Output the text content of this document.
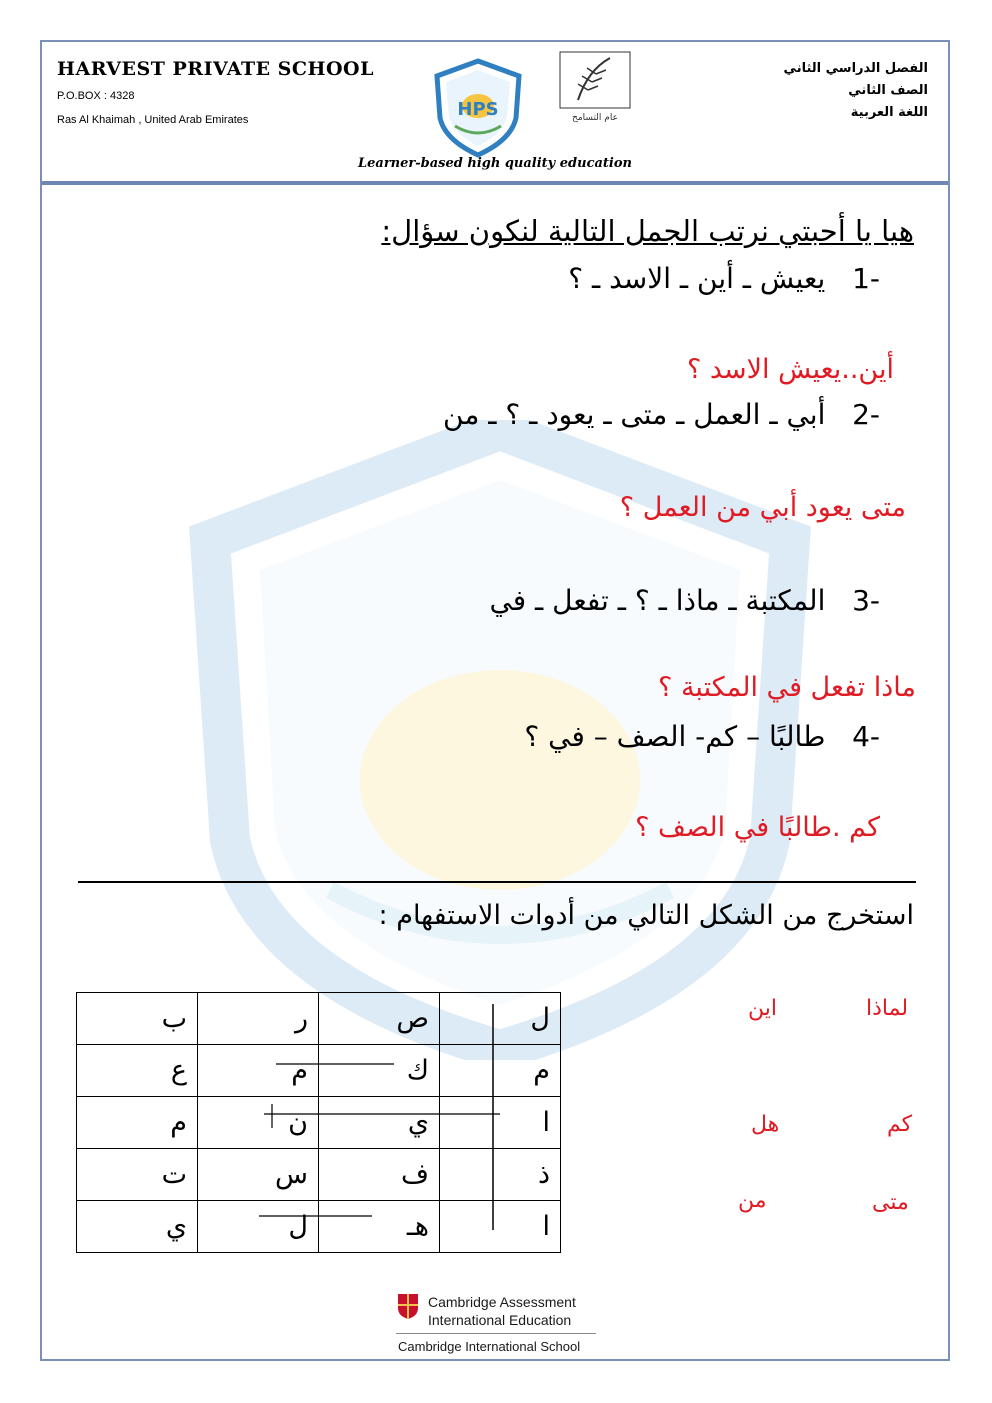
HARVEST PRIVATE SCHOOL
P.O.BOX : 4328
Ras Al Khaimah , United Arab Emirates
Learner-based high quality education
HPS	عام التسامح
الفصل الدراسي الثاني
الصف الثاني
اللغة العربية
هيا يا أحبتي نرتب الجمل التالية لنكون سؤال:
-1   يعيش ـ أين ـ الاسد ـ ؟
أين..يعيش الاسد ؟
-2   أبي ـ العمل ـ متى ـ يعود ـ ؟ ـ من
متى يعود أبي من العمل ؟
-3   المكتبة ـ ماذا ـ ؟ ـ تفعل ـ في
ماذا تفعل في المكتبة ؟
-4   طالبًا – كم- الصف – في ؟
كم .طالبًا في الصف ؟
استخرج من الشكل التالي من أدوات الاستفهام :
ب	ر	ص	ل
ع	م	ك	م
م	ن	ي	ا
ت	س	ف	ذ
ي	ل	هـ	ا
لماذا
اين
كم
هل
متى
من
Cambridge Assessment
International Education
Cambridge International School
